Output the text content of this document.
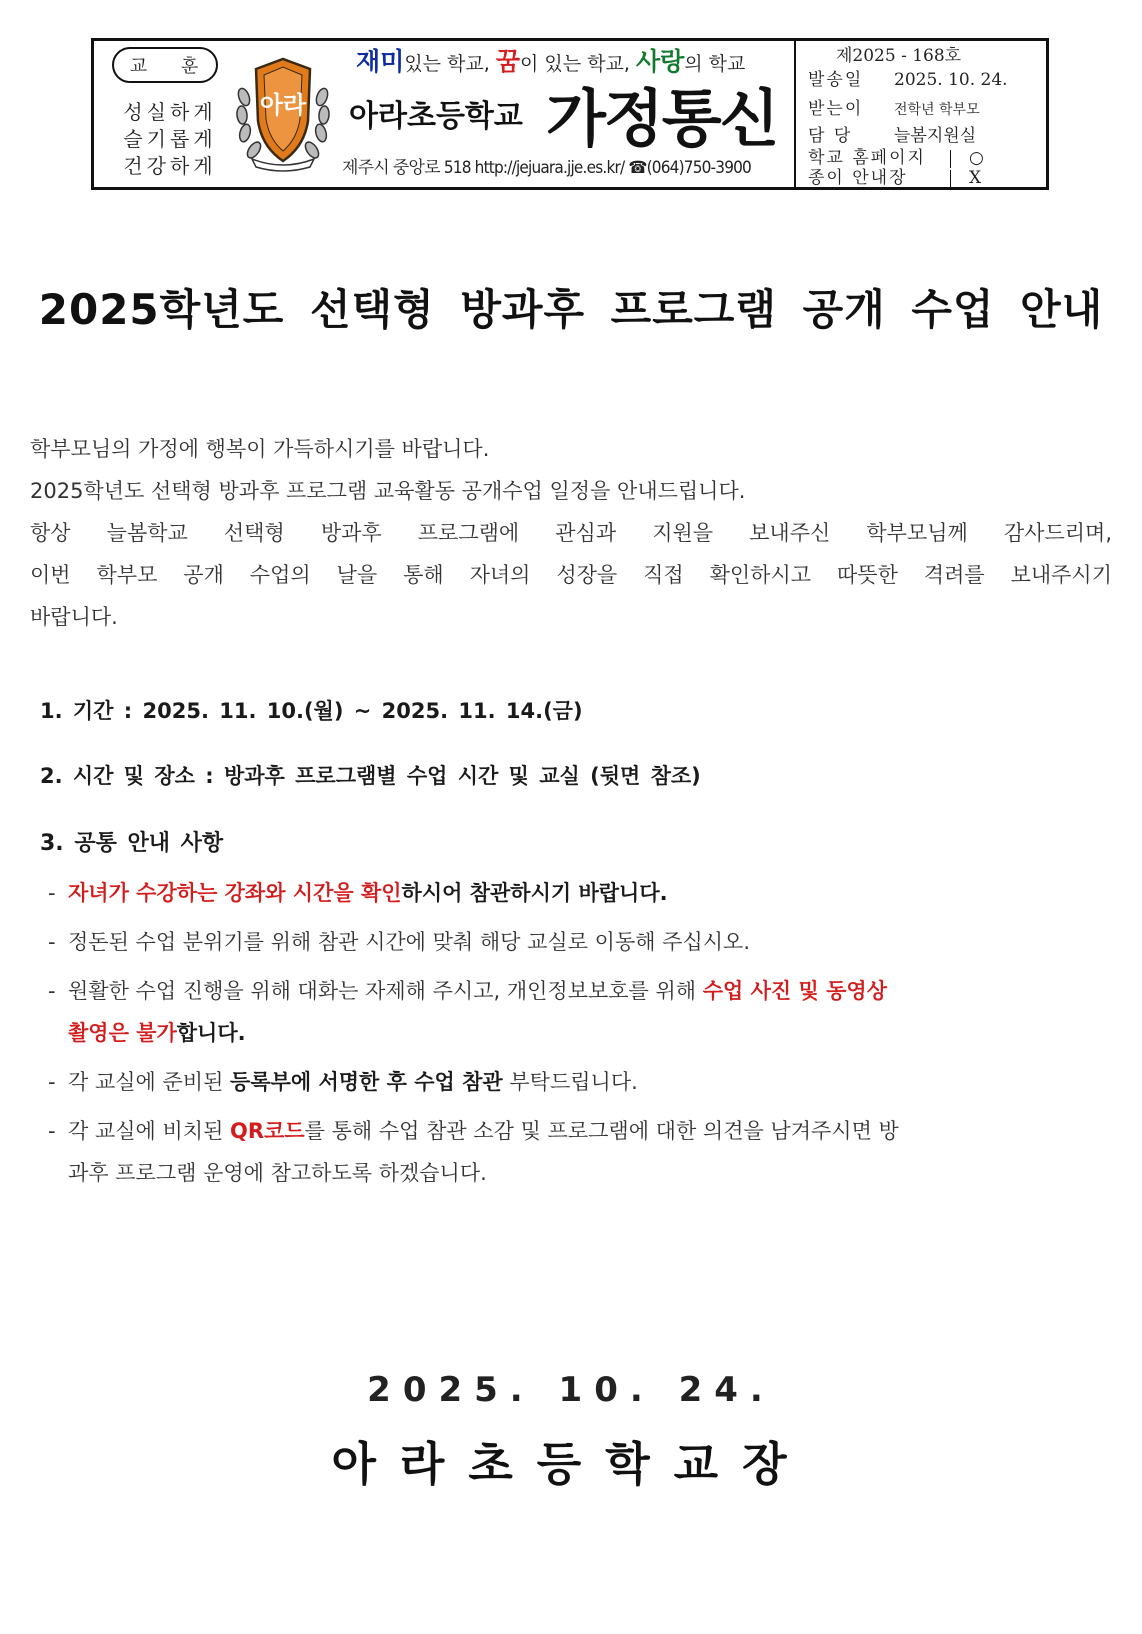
교 훈
성실하게
슬기롭게
건강하게
아라
재미있는 학교, 꿈이 있는 학교, 사랑의 학교
아라초등학교 가정통신
제주시 중앙로 518 http://jejuara.jje.es.kr/ ☎(064)750-3900
제2025 - 168호
발송일 2025. 10. 24.
받는이 전학년 학부모
담 당 늘봄지원실
학교 홈페이지	○
종이 안내장	X
2025학년도 선택형 방과후 프로그램 공개 수업 안내

학부모님의 가정에 행복이 가득하시기를 바랍니다.

2025학년도 선택형 방과후 프로그램 교육활동 공개수업 일정을 안내드립니다.

항상 늘봄학교 선택형 방과후 프로그램에 관심과 지원을 보내주신 학부모님께 감사드리며,

이번 학부모 공개 수업의 날을 통해 자녀의 성장을 직접 확인하시고 따뜻한 격려를 보내주시기

바랍니다.

1. 기간 : 2025. 11. 10.(월) ~ 2025. 11. 14.(금)
2. 시간 및 장소 : 방과후 프로그램별 수업 시간 및 교실 (뒷면 참조)
3. 공통 안내 사항
- 자녀가 수강하는 강좌와 시간을 확인하시어 참관하시기 바랍니다.
- 정돈된 수업 분위기를 위해 참관 시간에 맞춰 해당 교실로 이동해 주십시오.
- 원활한 수업 진행을 위해 대화는 자제해 주시고, 개인정보보호를 위해 수업 사진 및 동영상
촬영은 불가합니다.
- 각 교실에 준비된 등록부에 서명한 후 수업 참관 부탁드립니다.
- 각 교실에 비치된 QR코드를 통해 수업 참관 소감 및 프로그램에 대한 의견을 남겨주시면 방
과후 프로그램 운영에 참고하도록 하겠습니다.
2025. 10. 24.
아라초등학교장
